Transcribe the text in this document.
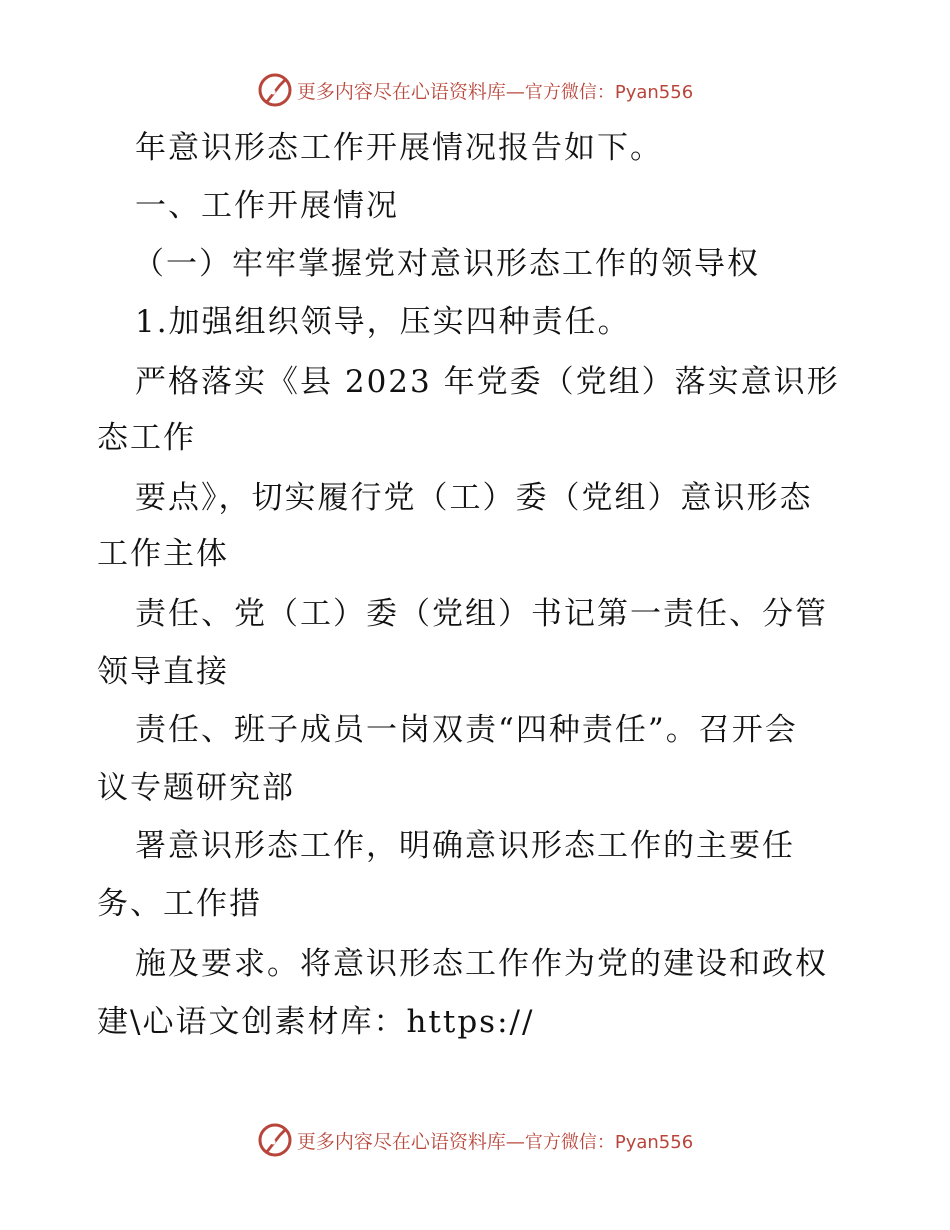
更多内容尽在心语资料库—官方微信：Pyan556
年意识形态工作开展情况报告如下。
一、工作开展情况
（一）牢牢掌握党对意识形态工作的领导权
1.加强组织领导，压实四种责任。
严格落实《县 2023 年党委（党组）落实意识形
态工作
要点》，切实履行党（工）委（党组）意识形态
工作主体
责任、党（工）委（党组）书记第一责任、分管
领导直接
责任、班子成员一岗双责“四种责任”。召开会
议专题研究部
署意识形态工作，明确意识形态工作的主要任
务、工作措
施及要求。将意识形态工作作为党的建设和政权
建\心语文创素材库：https://
更多内容尽在心语资料库—官方微信：Pyan556
